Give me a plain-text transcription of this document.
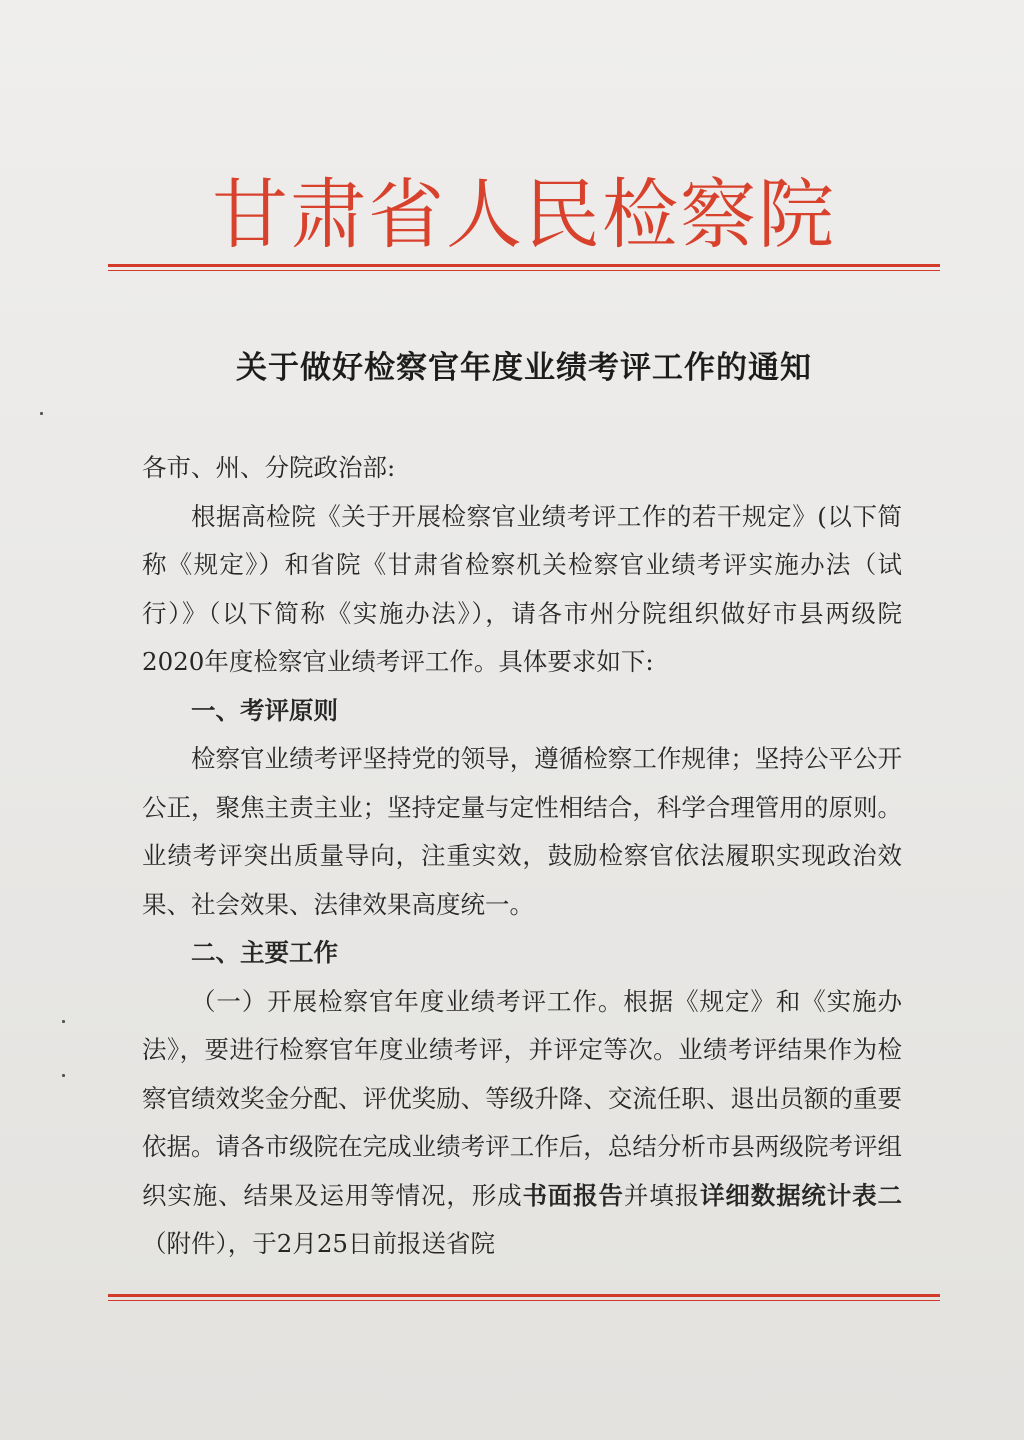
甘肃省人民检察院
关于做好检察官年度业绩考评工作的通知

各市、州、分院政治部:

根据高检院《关于开展检察官业绩考评工作的若干规定》(以下简称《规定》）和省院《甘肃省检察机关检察官业绩考评实施办法（试行）》（以下简称《实施办法》），请各市州分院组织做好市县两级院2020年度检察官业绩考评工作。具体要求如下:

一、考评原则

检察官业绩考评坚持党的领导，遵循检察工作规律；坚持公平公开公正，聚焦主责主业；坚持定量与定性相结合，科学合理管用的原则。业绩考评突出质量导向，注重实效，鼓励检察官依法履职实现政治效果、社会效果、法律效果高度统一。

二、主要工作

（一）开展检察官年度业绩考评工作。根据《规定》和《实施办法》，要进行检察官年度业绩考评，并评定等次。业绩考评结果作为检察官绩效奖金分配、评优奖励、等级升降、交流任职、退出员额的重要依据。请各市级院在完成业绩考评工作后，总结分析市县两级院考评组织实施、结果及运用等情况，形成书面报告并填报详细数据统计表二（附件），于2月25日前报送省院
